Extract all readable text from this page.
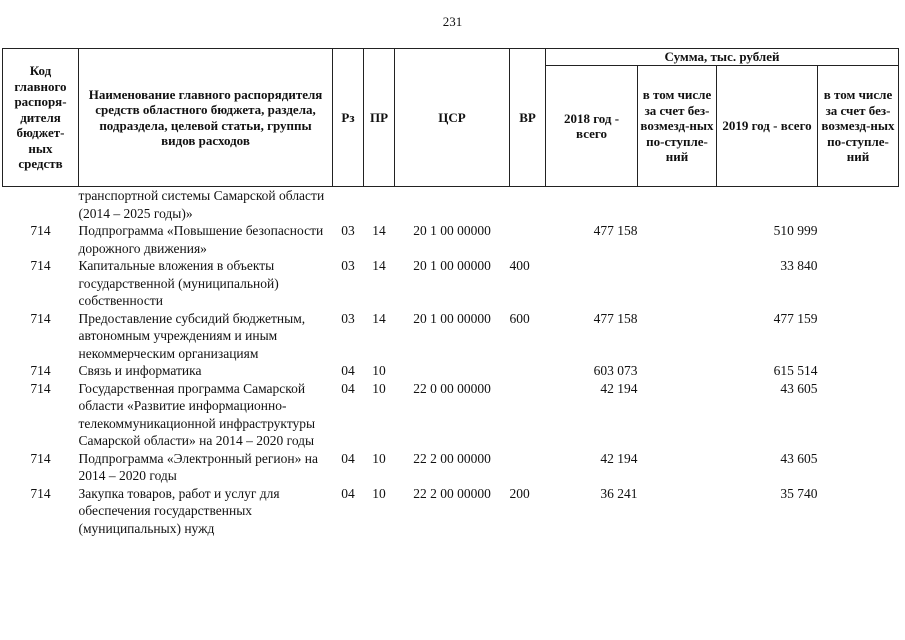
231
Код главного распоря-дителя бюджет-ных средств	Наименование главного распорядителя средств областного бюджета, раздела, подраздела, целевой статьи, группы видов расходов	Рз	ПР	ЦСР	ВР	Сумма, тыс. рублей			
						2018 год - всего	в том числе за счет без-возмезд-ных по-ступле-ний	2019 год - всего	в том числе за счет без-возмезд-ных по-ступле-ний
	транспортной системы Самарской области (2014 – 2025 годы)»								
714	Подпрограмма «Повышение безопасности дорожного движения»	03	14	20 1 00 00000		477 158		510 999	
714	Капитальные вложения в объекты государственной (муниципальной) собственности	03	14	20 1 00 00000	400			33 840	
714	Предоставление субсидий бюджетным, автономным учреждениям и иным некоммерческим организациям	03	14	20 1 00 00000	600	477 158		477 159	
714	Связь и информатика	04	10			603 073		615 514	
714	Государственная программа Самарской области «Развитие информационно-телекоммуникационной инфраструктуры Самарской области» на 2014 – 2020 годы	04	10	22 0 00 00000		42 194		43 605	
714	Подпрограмма «Электронный регион» на 2014 – 2020 годы	04	10	22 2 00 00000		42 194		43 605	
714	Закупка товаров, работ и услуг для обеспечения государственных (муниципальных) нужд	04	10	22 2 00 00000	200	36 241		35 740	
